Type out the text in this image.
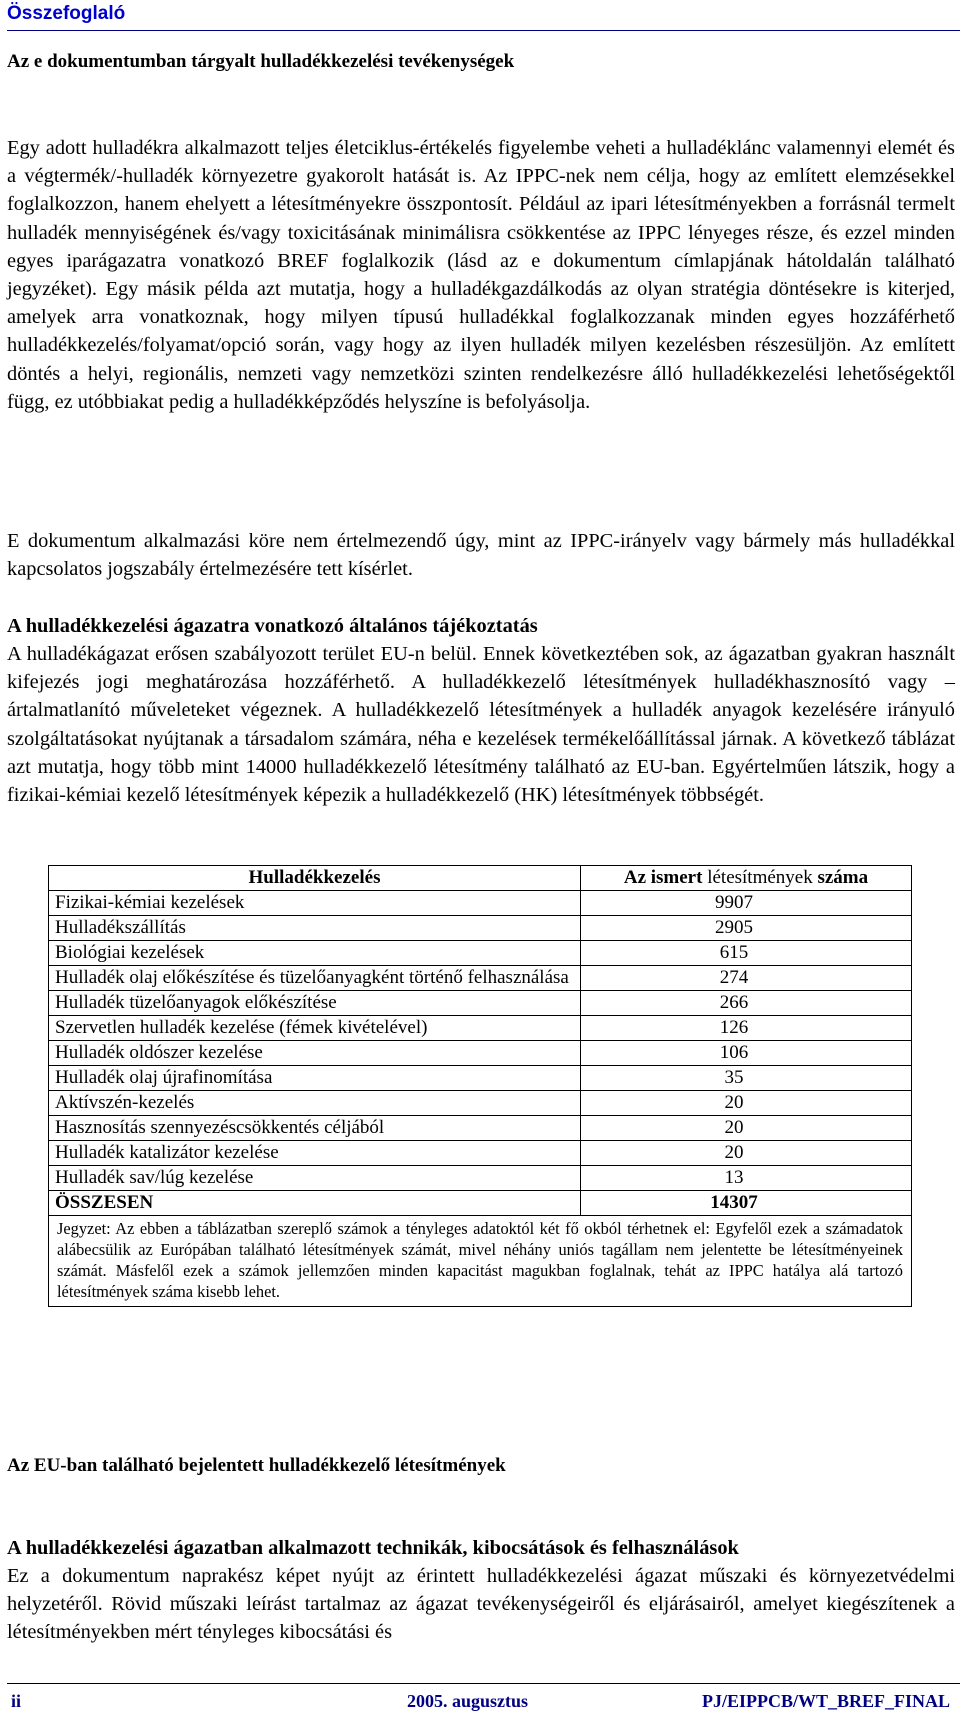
Összefoglaló
Az e dokumentumban tárgyalt hulladékkezelési tevékenységek
Egy adott hulladékra alkalmazott teljes életciklus-értékelés figyelembe veheti a hulladéklánc valamennyi elemét és a végtermék/-hulladék környezetre gyakorolt hatását is. Az IPPC-nek nem célja, hogy az említett elemzésekkel foglalkozzon, hanem ehelyett a létesítményekre összpontosít. Például az ipari létesítményekben a forrásnál termelt hulladék mennyiségének és/vagy toxicitásának minimálisra csökkentése az IPPC lényeges része, és ezzel minden egyes iparágazatra vonatkozó BREF foglalkozik (lásd az e dokumentum címlapjának hátoldalán található jegyzéket). Egy másik példa azt mutatja, hogy a hulladékgazdálkodás az olyan stratégia döntésekre is kiterjed, amelyek arra vonatkoznak, hogy milyen típusú hulladékkal foglalkozzanak minden egyes hozzáférhető hulladékkezelés/folyamat/opció során, vagy hogy az ilyen hulladék milyen kezelésben részesüljön. Az említett döntés a helyi, regionális, nemzeti vagy nemzetközi szinten rendelkezésre álló hulladékkezelési lehetőségektől függ, ez utóbbiakat pedig a hulladékképződés helyszíne is befolyásolja.
E dokumentum alkalmazási köre nem értelmezendő úgy, mint az IPPC-irányelv vagy bármely más hulladékkal kapcsolatos jogszabály értelmezésére tett kísérlet.
A hulladékkezelési ágazatra vonatkozó általános tájékoztatás
A hulladékágazat erősen szabályozott terület EU-n belül. Ennek következtében sok, az ágazatban gyakran használt kifejezés jogi meghatározása hozzáférhető. A hulladékkezelő létesítmények hulladékhasznosító vagy –ártalmatlanító műveleteket végeznek. A hulladékkezelő létesítmények a hulladék anyagok kezelésére irányuló szolgáltatásokat nyújtanak a társadalom számára, néha e kezelések termékelőállítással járnak. A következő táblázat azt mutatja, hogy több mint 14000 hulladékkezelő létesítmény található az EU-ban. Egyértelműen látszik, hogy a fizikai-kémiai kezelő létesítmények képezik a hulladékkezelő (HK) létesítmények többségét.
Hulladékkezelés	Az ismert létesítmények száma
Fizikai-kémiai kezelések	9907
Hulladékszállítás	2905
Biológiai kezelések	615
Hulladék olaj előkészítése és tüzelőanyagként történő felhasználása	274
Hulladék tüzelőanyagok előkészítése	266
Szervetlen hulladék kezelése (fémek kivételével)	126
Hulladék oldószer kezelése	106
Hulladék olaj újrafinomítása	35
Aktívszén-kezelés	20
Hasznosítás szennyezéscsökkentés céljából	20
Hulladék katalizátor kezelése	20
Hulladék sav/lúg kezelése	13
ÖSSZESEN	14307
Jegyzet: Az ebben a táblázatban szereplő számok a tényleges adatoktól két fő okból térhetnek el: Egyfelől ezek a számadatok alábecsülik az Európában található létesítmények számát, mivel néhány uniós tagállam nem jelentette be létesítményeinek számát. Másfelől ezek a számok jellemzően minden kapacitást magukban foglalnak, tehát az IPPC hatálya alá tartozó létesítmények száma kisebb lehet.	
Az EU-ban található bejelentett hulladékkezelő létesítmények
A hulladékkezelési ágazatban alkalmazott technikák, kibocsátások és felhasználások
Ez a dokumentum naprakész képet nyújt az érintett hulladékkezelési ágazat műszaki és környezetvédelmi helyzetéről. Rövid műszaki leírást tartalmaz az ágazat tevékenységeiről és eljárásairól, amelyet kiegészítenek a létesítményekben mért tényleges kibocsátási és
ii	2005. augusztus	PJ/EIPPCB/WT_BREF_FINAL
